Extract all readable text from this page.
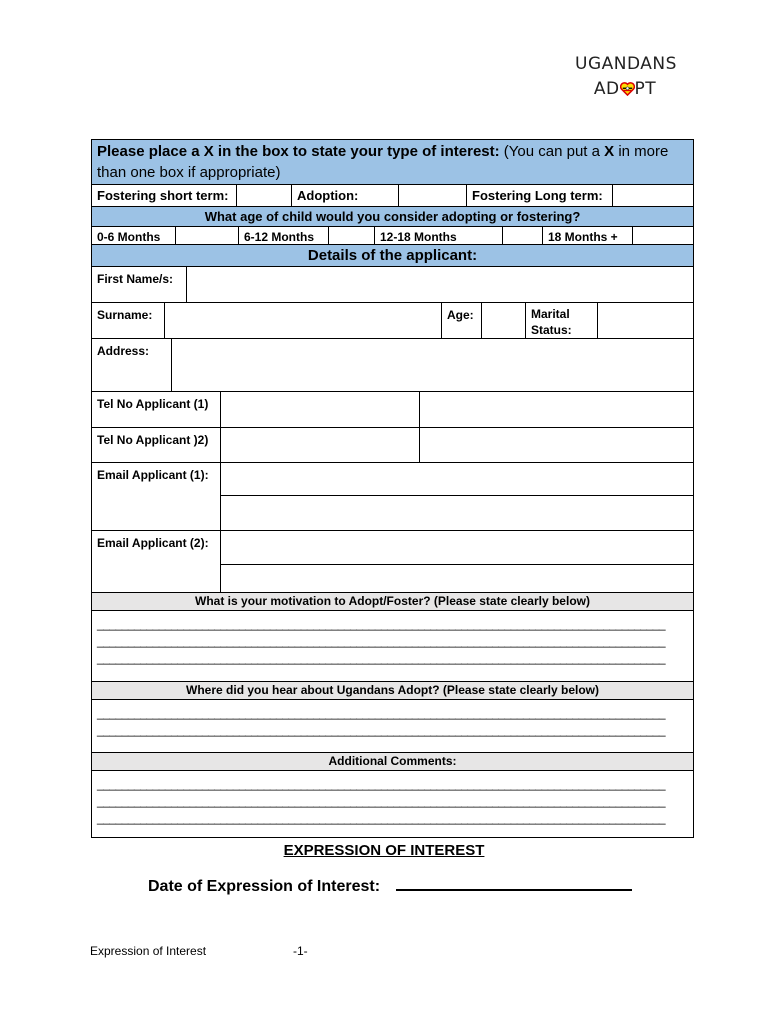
UGANDANS
AD PT
Please place a X in the box to state your type of interest: (You can put a X in more than one box if appropriate)
Fostering short term:	Adoption:	Fostering Long term:
What age of child would you consider adopting or fostering?
0-6 Months	6-12 Months	12-18 Months	18 Months +
Details of the applicant:
First Name/s:
Surname:	Age:	Marital Status:
Address:
Tel No Applicant (1)
Tel No Applicant )2)
Email Applicant (1):
Email Applicant (2):
What is your motivation to Adopt/Foster? (Please state clearly below)
____________________________________________________________________________________________
____________________________________________________________________________________________
____________________________________________________________________________________________
Where did you hear about Ugandans Adopt? (Please state clearly below)
____________________________________________________________________________________________
____________________________________________________________________________________________
Additional Comments:
____________________________________________________________________________________________
____________________________________________________________________________________________
____________________________________________________________________________________________
EXPRESSION OF INTEREST
Date of Expression of Interest:
Expression of Interest	-1-
